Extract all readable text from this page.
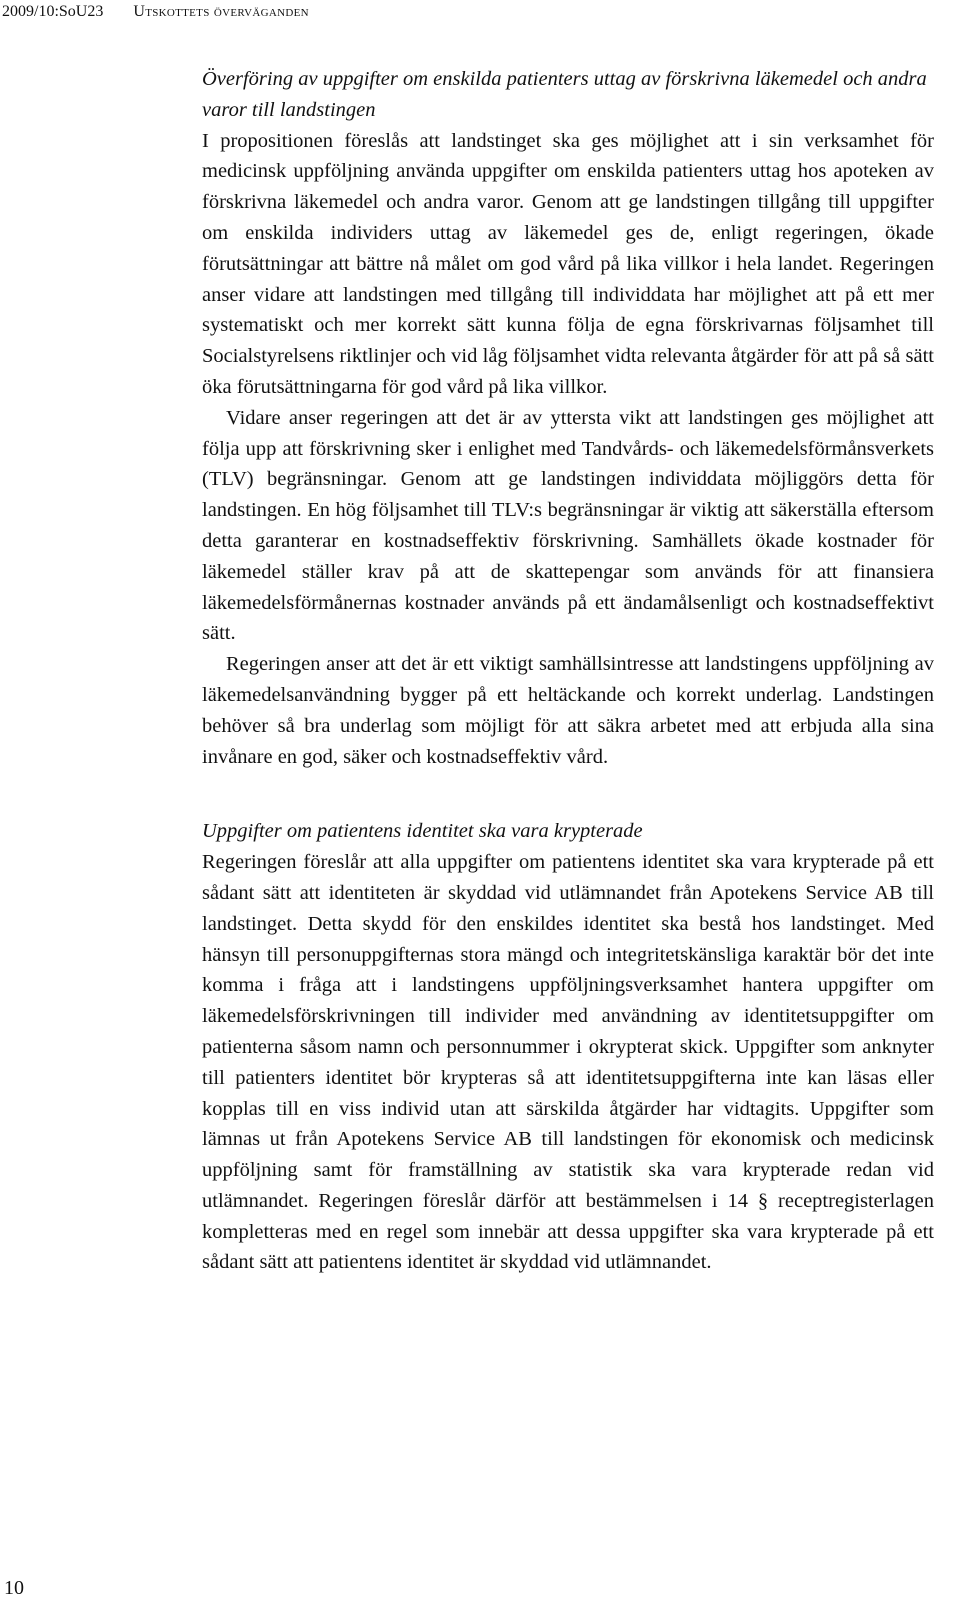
2009/10:SoU23 Utskottets överväganden
Överföring av uppgifter om enskilda patienters uttag av förskrivna läkemedel och andra varor till landstingen

I propositionen föreslås att landstinget ska ges möjlighet att i sin verksamhet för medicinsk uppföljning använda uppgifter om enskilda patienters uttag hos apoteken av förskrivna läkemedel och andra varor. Genom att ge landstingen tillgång till uppgifter om enskilda individers uttag av läkemedel ges de, enligt regeringen, ökade förutsättningar att bättre nå målet om god vård på lika villkor i hela landet. Regeringen anser vidare att landstingen med tillgång till individdata har möjlighet att på ett mer systematiskt och mer korrekt sätt kunna följa de egna förskrivarnas följsamhet till Socialstyrelsens riktlinjer och vid låg följsamhet vidta relevanta åtgärder för att på så sätt öka förutsättningarna för god vård på lika villkor.

Vidare anser regeringen att det är av yttersta vikt att landstingen ges möjlighet att följa upp att förskrivning sker i enlighet med Tandvårds- och läkemedelsförmånsverkets (TLV) begränsningar. Genom att ge landstingen individdata möjliggörs detta för landstingen. En hög följsamhet till TLV:s begränsningar är viktig att säkerställa eftersom detta garanterar en kostnadseffektiv förskrivning. Samhällets ökade kostnader för läkemedel ställer krav på att de skattepengar som används för att finansiera läkemedelsförmånernas kostnader används på ett ändamålsenligt och kostnadseffektivt sätt.

Regeringen anser att det är ett viktigt samhällsintresse att landstingens uppföljning av läkemedelsanvändning bygger på ett heltäckande och korrekt underlag. Landstingen behöver så bra underlag som möjligt för att säkra arbetet med att erbjuda alla sina invånare en god, säker och kostnadseffektiv vård.

Uppgifter om patientens identitet ska vara krypterade

Regeringen föreslår att alla uppgifter om patientens identitet ska vara krypterade på ett sådant sätt att identiteten är skyddad vid utlämnandet från Apotekens Service AB till landstinget. Detta skydd för den enskildes identitet ska bestå hos landstinget. Med hänsyn till personuppgifternas stora mängd och integritetskänsliga karaktär bör det inte komma i fråga att i landstingens uppföljningsverksamhet hantera uppgifter om läkemedelsförskrivningen till individer med användning av identitetsuppgifter om patienterna såsom namn och personnummer i okrypterat skick. Uppgifter som anknyter till patienters identitet bör krypteras så att identitetsuppgifterna inte kan läsas eller kopplas till en viss individ utan att särskilda åtgärder har vidtagits. Uppgifter som lämnas ut från Apotekens Service AB till landstingen för ekonomisk och medicinsk uppföljning samt för framställning av statistik ska vara krypterade redan vid utlämnandet. Regeringen föreslår därför att bestämmelsen i 14 § receptregisterlagen kompletteras med en regel som innebär att dessa uppgifter ska vara krypterade på ett sådant sätt att patientens identitet är skyddad vid utlämnandet.

10
